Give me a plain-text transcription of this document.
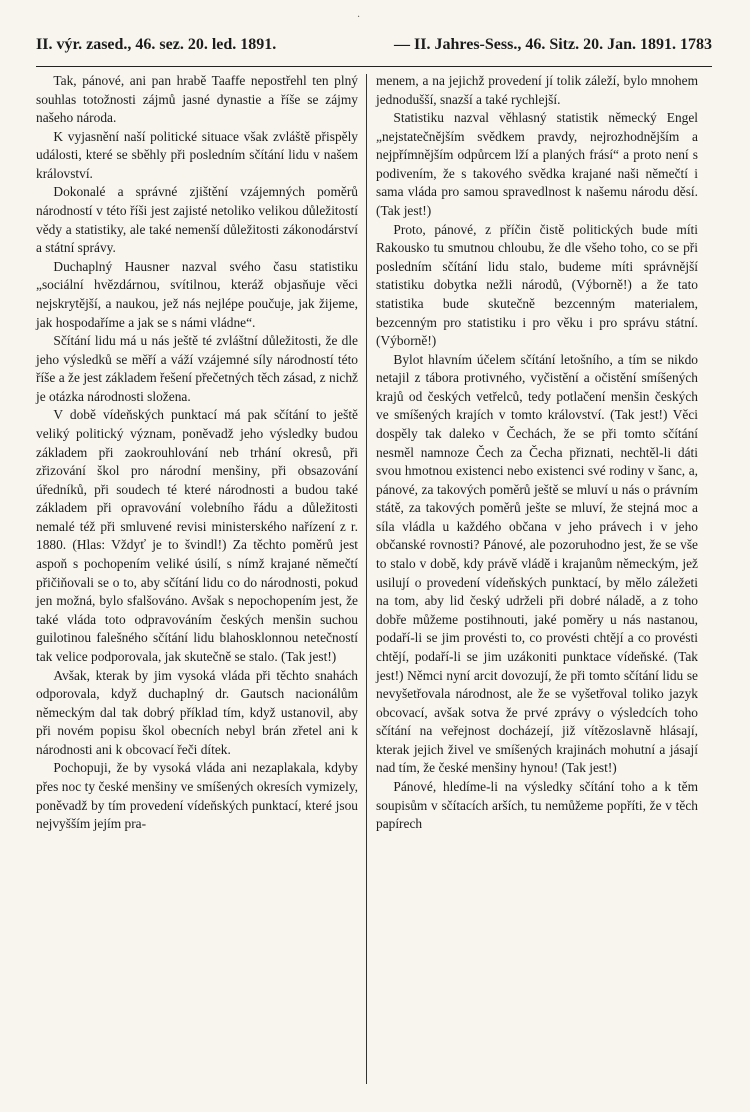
·
II. výr. zased., 46. sez. 20. led. 1891.	— II. Jahres-Sess., 46. Sitz. 20. Jan. 1891. 1783

Tak, pánové, ani pan hrabě Taaffe nepostřehl ten plný souhlas totožnosti zájmů jasné dynastie a říše se zájmy našeho národa.

K vyjasnění naší politické situace však zvláště přispěly události, které se sběhly při posledním sčítání lidu v našem království.

Dokonalé a správné zjištění vzájemných poměrů národností v této říši jest zajisté netoliko velikou důležitostí vědy a statistiky, ale také nemenší důležitosti zákonodárství a státní správy.

Duchaplný Hausner nazval svého času statistiku „sociální hvězdárnou, svítilnou, kteráž objasňuje věci nejskrytější, a naukou, jež nás nejlépe poučuje, jak žijeme, jak hospodaříme a jak se s námi vládne“.

Sčítání lidu má u nás ještě té zvláštní důležitosti, že dle jeho výsledků se měří a váží vzájemné síly národností této říše a že jest základem řešení přečetných těch zásad, z nichž je otázka národnosti složena.

V době vídeňských punktací má pak sčítání to ještě veliký politický význam, poněvadž jeho výsledky budou základem při zaokrouhlování neb trhání okresů, při zřizování škol pro národní menšiny, při obsazování úředníků, při soudech té které národnosti a budou také základem při opravování volebního řádu a důležitosti nemalé též při smluvené revisi ministerského nařízení z r. 1880. (Hlas: Vždyť je to švindl!) Za těchto poměrů jest aspoň s pochopením veliké úsilí, s nímž krajané němečtí přičiňovali se o to, aby sčítání lidu co do národnosti, pokud jen možná, bylo sfalšováno. Avšak s nepochopením jest, že také vláda toto odpravováním českých menšin suchou guilotinou falešného sčítání lidu blahosklonnou netečností tak velice podporovala, jak skutečně se stalo. (Tak jest!)

Avšak, kterak by jim vysoká vláda při těchto snahách odporovala, když duchaplný dr. Gautsch nacionálům německým dal tak dobrý příklad tím, když ustanovil, aby při novém popisu škol obecních nebyl brán zřetel ani k národnosti ani k obcovací řeči dítek.

Pochopuji, že by vysoká vláda ani nezaplakala, kdyby přes noc ty české menšiny ve smíšených okresích vymizely, poněvadž by tím provedení vídeňských punktací, které jsou nejvyšším jejím pra-

menem, a na jejichž provedení jí tolik záleží, bylo mnohem jednodušší, snazší a také rychlejší.

Statistiku nazval věhlasný statistik německý Engel „nejstatečnějším svědkem pravdy, nejrozhodnějším a nejpřímnějším odpůrcem lží a planých frásí“ a proto není s podivením, že s takového svědka krajané naši němečtí i sama vláda pro samou spravedlnost k našemu národu děsí. (Tak jest!)

Proto, pánové, z příčin čistě politických bude míti Rakousko tu smutnou chloubu, že dle všeho toho, co se při posledním sčítání lidu stalo, budeme míti správnější statistiku dobytka nežli národů, (Výborně!) a že tato statistika bude skutečně bezcenným materialem, bezcenným pro statistiku i pro věku i pro správu státní. (Výborně!)

Bylot hlavním účelem sčítání letošního, a tím se nikdo netajil z tábora protivného, vyčistění a očistění smíšených krajů od českých vetřelců, tedy potlačení menšin českých ve smíšených krajích v tomto království. (Tak jest!) Věci dospěly tak daleko v Čechách, že se při tomto sčítání nesměl namnoze Čech za Čecha přiznati, nechtěl-li dáti svou hmotnou existenci nebo existenci své rodiny v šanc, a, pánové, za takových poměrů ještě se mluví u nás o právním státě, za takových poměrů ješte se mluví, že stejná moc a síla vládla u každého občana v jeho právech i v jeho občanské rovnosti? Pánové, ale pozoruhodno jest, že se vše to stalo v době, kdy právě vládě i krajanům německým, jež usilují o provedení vídeňských punktací, by mělo záležeti na tom, aby lid český udrželi při dobré náladě, a z toho dobře můžeme postihnouti, jaké poměry u nás nastanou, podaří-li se jim provésti to, co provésti chtějí a co provésti chtějí, podaří-li se jim uzákoniti punktace vídeňské. (Tak jest!) Němci nyní arcit dovozují, že při tomto sčítání lidu se nevyšetřovala národnost, ale že se vyšetřoval toliko jazyk obcovací, avšak sotva že prvé zprávy o výsledcích toho sčítání na veřejnost docházejí, již vítězoslavně hlásají, kterak jejich živel ve smíšených krajinách mohutní a jásají nad tím, že české menšiny hynou! (Tak jest!)

Pánové, hledíme-li na výsledky sčítání toho a k těm soupisům v sčítacích arších, tu nemůžeme popříti, že v těch papírech
